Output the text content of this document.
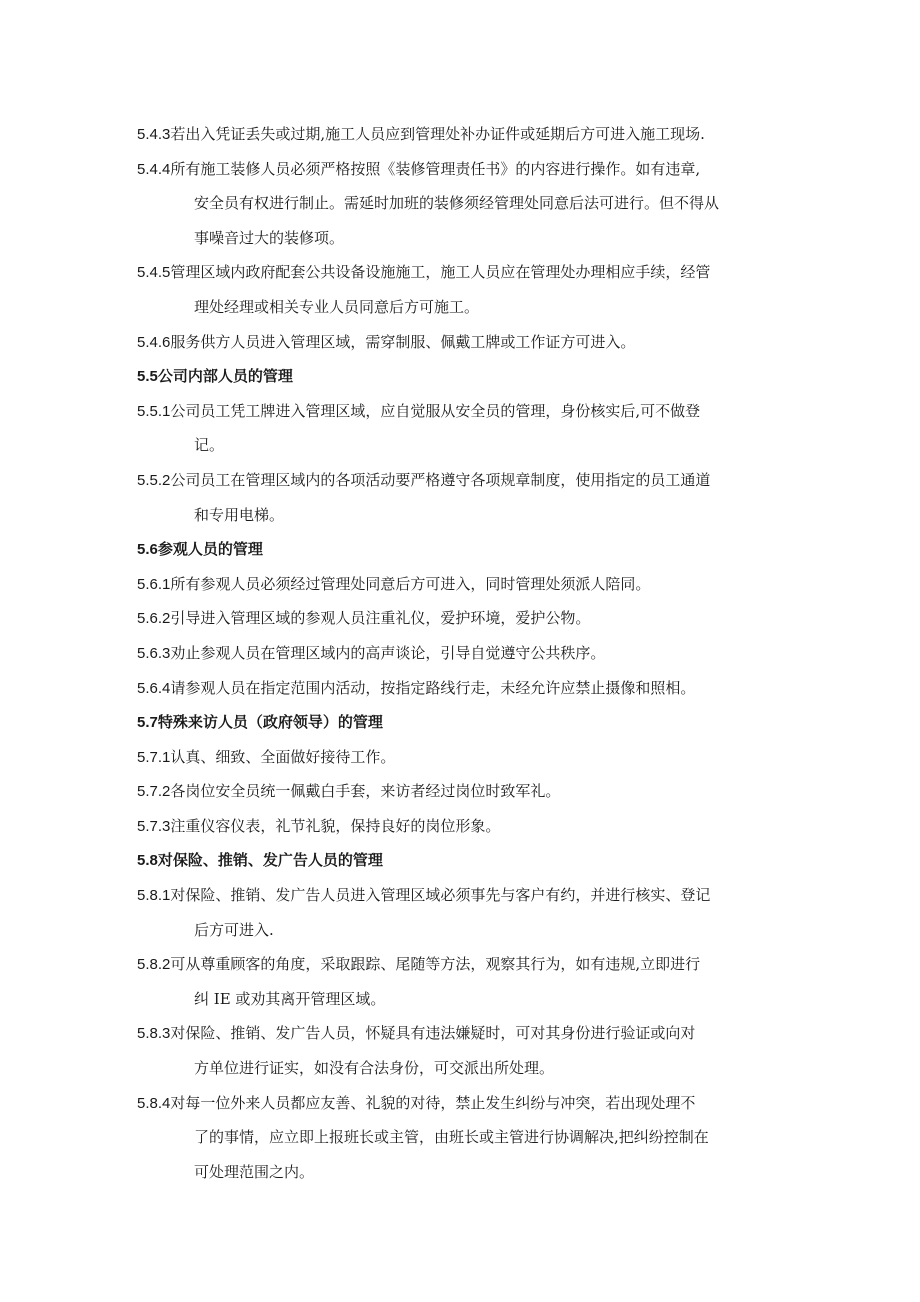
5.4.3若出入凭证丢失或过期,施工人员应到管理处补办证件或延期后方可进入施工现场.
5.4.4所有施工装修人员必须严格按照《装修管理责任书》的内容进行操作。如有违章,
安全员有权进行制止。需延时加班的装修须经管理处同意后法可进行。但不得从
事噪音过大的装修项。
5.4.5管理区域内政府配套公共设备设施施工，施工人员应在管理处办理相应手续，经管
理处经理或相关专业人员同意后方可施工。
5.4.6服务供方人员进入管理区域，需穿制服、佩戴工牌或工作证方可进入。
5.5公司内部人员的管理
5.5.1公司员工凭工牌进入管理区域，应自觉服从安全员的管理，身份核实后,可不做登
记。
5.5.2公司员工在管理区域内的各项活动要严格遵守各项规章制度，使用指定的员工通道
和专用电梯。
5.6参观人员的管理
5.6.1所有参观人员必须经过管理处同意后方可进入，同时管理处须派人陪同。
5.6.2引导进入管理区域的参观人员注重礼仪，爱护环境，爱护公物。
5.6.3劝止参观人员在管理区域内的高声谈论，引导自觉遵守公共秩序。
5.6.4请参观人员在指定范围内活动，按指定路线行走，未经允许应禁止摄像和照相。
5.7特殊来访人员（政府领导）的管理
5.7.1认真、细致、全面做好接待工作。
5.7.2各岗位安全员统一佩戴白手套，来访者经过岗位时致军礼。
5.7.3注重仪容仪表，礼节礼貌，保持良好的岗位形象。
5.8对保险、推销、发广告人员的管理
5.8.1对保险、推销、发广告人员进入管理区域必须事先与客户有约，并进行核实、登记
后方可进入.
5.8.2可从尊重顾客的角度，采取跟踪、尾随等方法，观察其行为，如有违规,立即进行
纠 IE 或劝其离开管理区域。
5.8.3对保险、推销、发广告人员，怀疑具有违法嫌疑时，可对其身份进行验证或向对
方单位进行证实，如没有合法身份，可交派出所处理。
5.8.4对每一位外来人员都应友善、礼貌的对待，禁止发生纠纷与冲突，若出现处理不
了的事情，应立即上报班长或主管，由班长或主管进行协调解决,把纠纷控制在
可处理范围之内。
